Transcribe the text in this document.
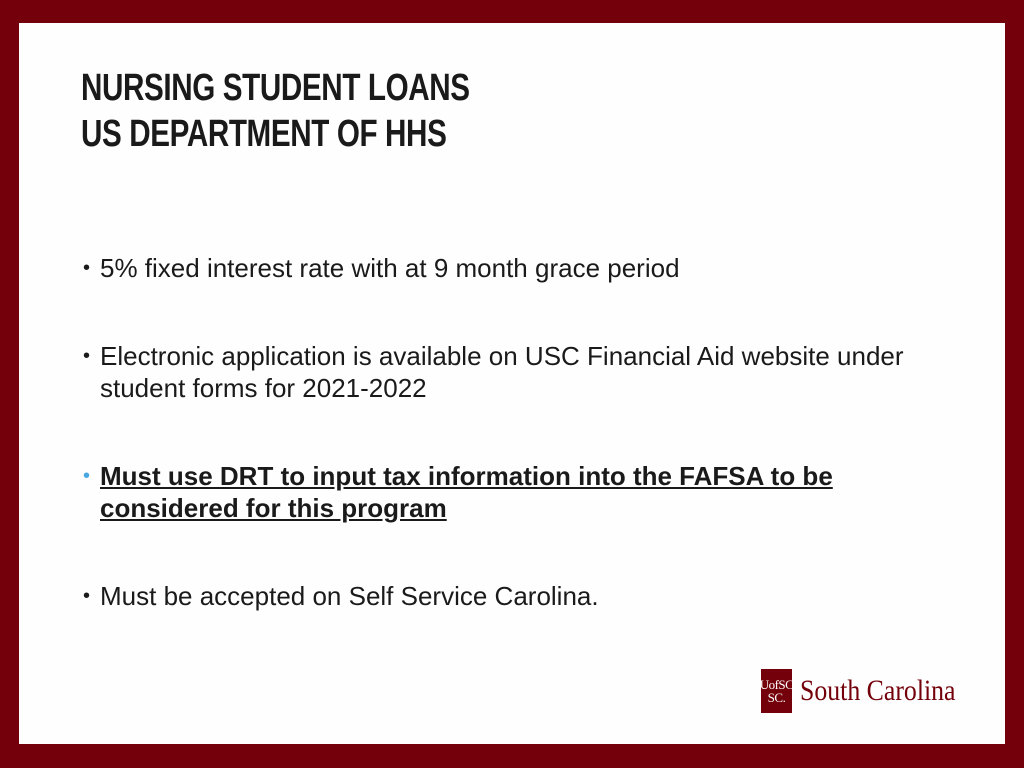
NURSING STUDENT LOANS
US DEPARTMENT OF HHS
• 5% fixed interest rate with at 9 month grace period
• Electronic application is available on USC Financial Aid website under student forms for 2021-2022
• Must use DRT to input tax information into the FAFSA to be considered for this program
• Must be accepted on Self Service Carolina.
UofSC
SC. South Carolina
